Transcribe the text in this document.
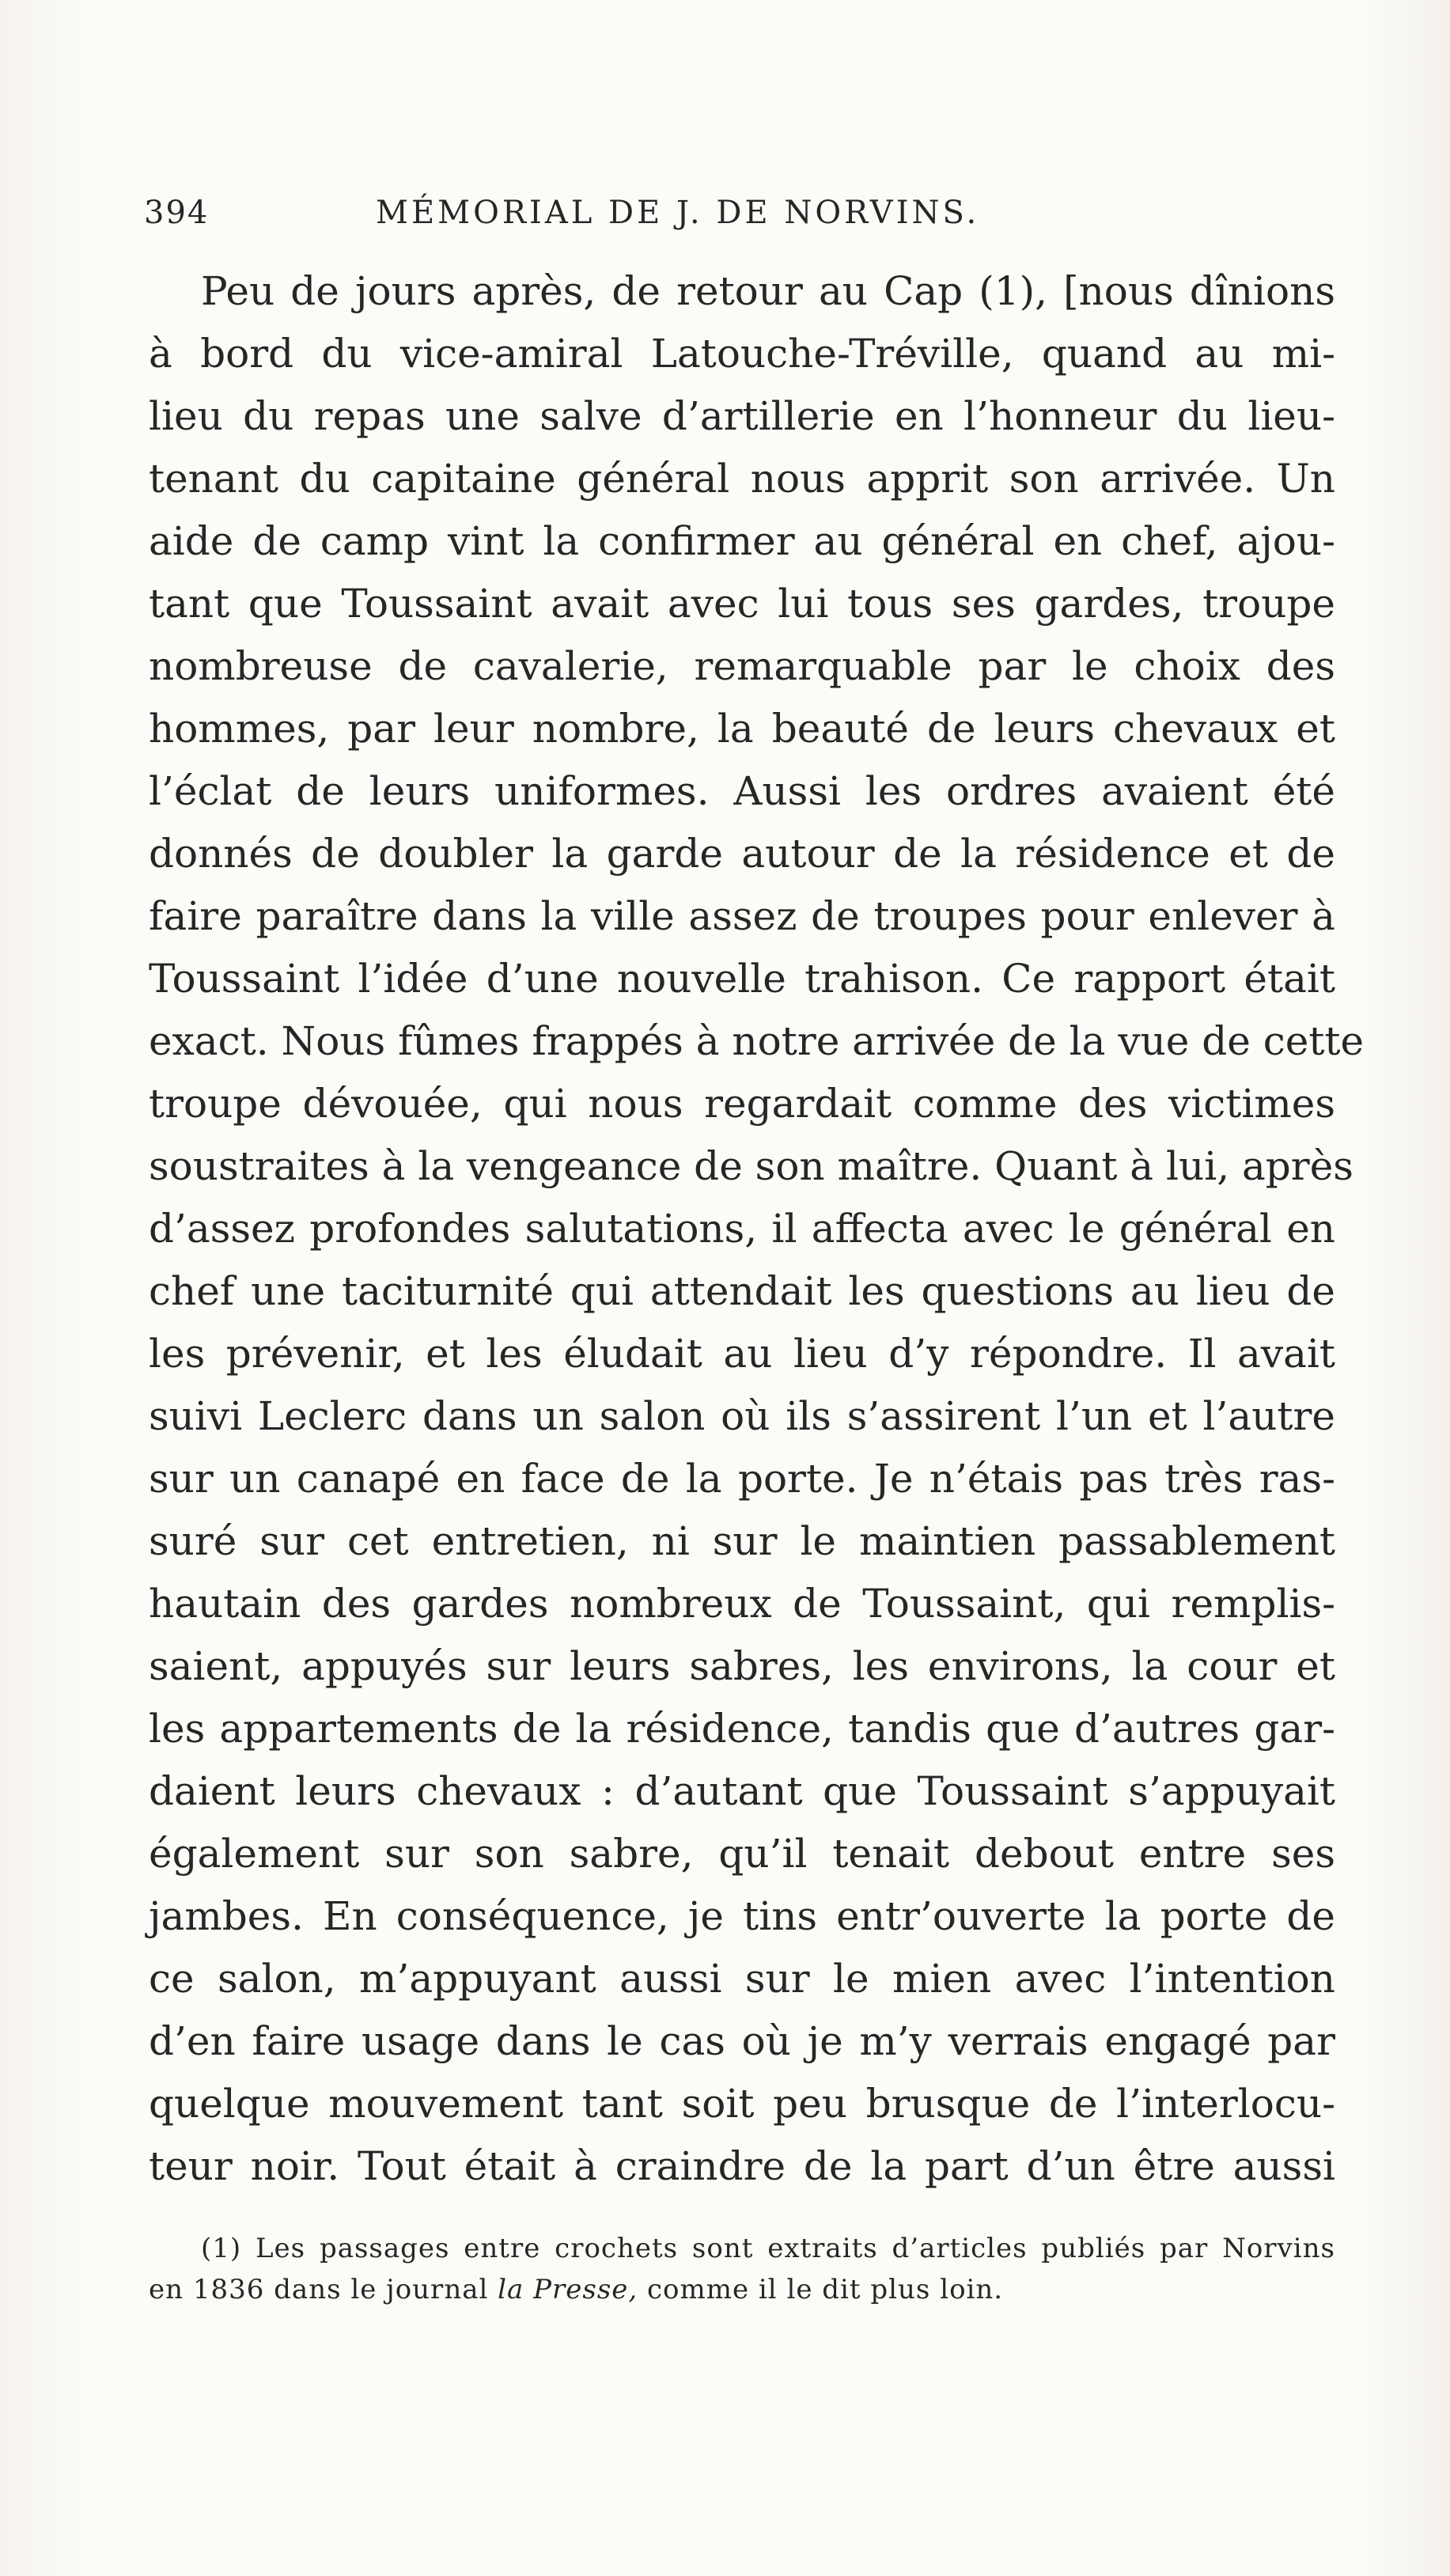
394	MÉMORIAL DE J. DE NORVINS.
Peu de jours après, de retour au Cap (1), [nous dînions
à bord du vice-amiral Latouche-Tréville, quand au mi-
lieu du repas une salve d’artillerie en l’honneur du lieu-
tenant du capitaine général nous apprit son arrivée. Un
aide de camp vint la confirmer au général en chef, ajou-
tant que Toussaint avait avec lui tous ses gardes, troupe
nombreuse de cavalerie, remarquable par le choix des
hommes, par leur nombre, la beauté de leurs chevaux et
l’éclat de leurs uniformes. Aussi les ordres avaient été
donnés de doubler la garde autour de la résidence et de
faire paraître dans la ville assez de troupes pour enlever à
Toussaint l’idée d’une nouvelle trahison. Ce rapport était
exact. Nous fûmes frappés à notre arrivée de la vue de cette
troupe dévouée, qui nous regardait comme des victimes
soustraites à la vengeance de son maître. Quant à lui, après
d’assez profondes salutations, il affecta avec le général en
chef une taciturnité qui attendait les questions au lieu de
les prévenir, et les éludait au lieu d’y répondre. Il avait
suivi Leclerc dans un salon où ils s’assirent l’un et l’autre
sur un canapé en face de la porte. Je n’étais pas très ras-
suré sur cet entretien, ni sur le maintien passablement
hautain des gardes nombreux de Toussaint, qui remplis-
saient, appuyés sur leurs sabres, les environs, la cour et
les appartements de la résidence, tandis que d’autres gar-
daient leurs chevaux : d’autant que Toussaint s’appuyait
également sur son sabre, qu’il tenait debout entre ses
jambes. En conséquence, je tins entr’ouverte la porte de
ce salon, m’appuyant aussi sur le mien avec l’intention
d’en faire usage dans le cas où je m’y verrais engagé par
quelque mouvement tant soit peu brusque de l’interlocu-
teur noir. Tout était à craindre de la part d’un être aussi
(1) Les passages entre crochets sont extraits d’articles publiés par Norvins
en 1836 dans le journal la Presse, comme il le dit plus loin.
